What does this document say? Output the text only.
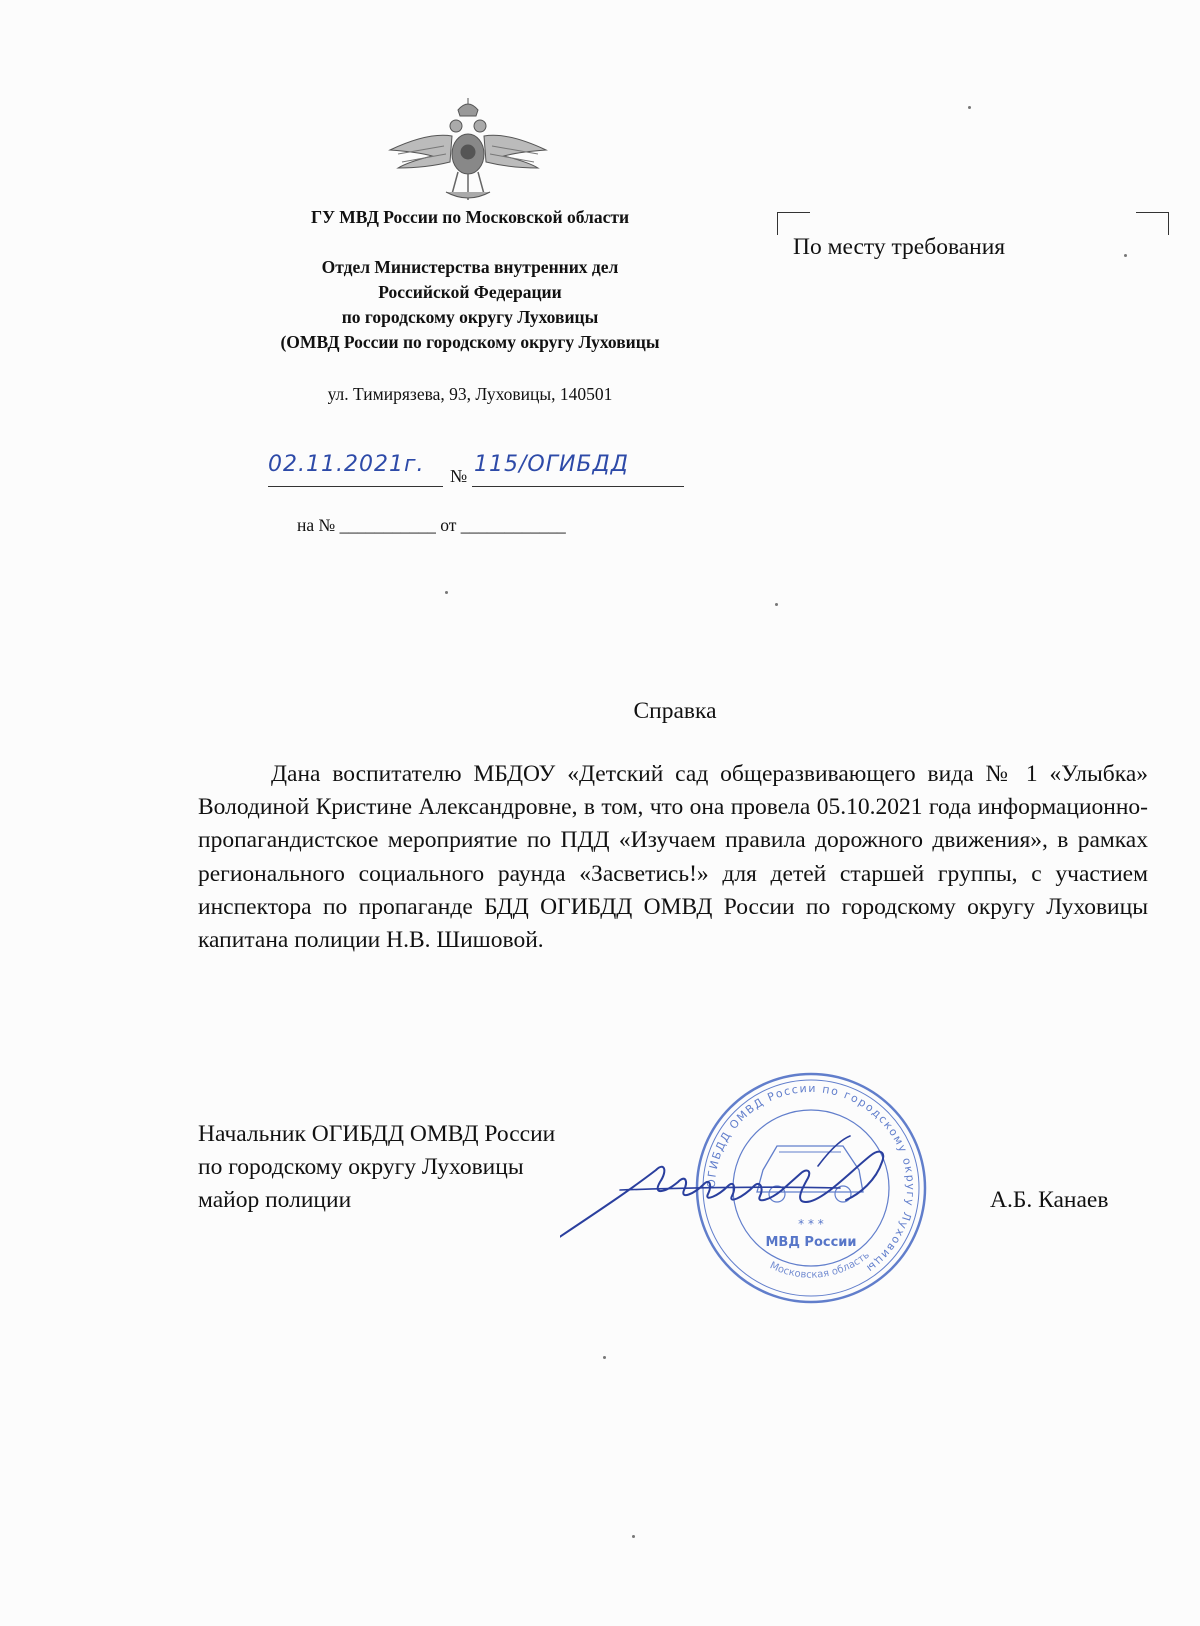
ГУ МВД России по Московской области
Отдел Министерства внутренних дел
Российской Федерации
по городскому округу Луховицы
(ОМВД России по городскому округу Луховицы
ул. Тимирязева, 93, Луховицы, 140501
02.11.2021г. № 115/ОГИБДД
на № ___________ от ____________
По месту требования
Справка
Дана воспитателю МБДОУ «Детский сад общеразвивающего вида № 1 «Улыбка» Володиной Кристине Александровне, в том, что она провела 05.10.2021 года информационно-пропагандистское мероприятие по ПДД «Изучаем правила дорожного движения», в рамках регионального социального раунда «Засветись!» для детей старшей группы, с участием инспектора по пропаганде БДД ОГИБДД ОМВД России по городскому округу Луховицы капитана полиции Н.В. Шишовой.
Начальник ОГИБДД ОМВД России
по городскому округу Луховицы
майор полиции	А.Б. Канаев
ОГИБДД ОМВД России по городскому округу Луховицы
* * *
МВД России
Московская область
